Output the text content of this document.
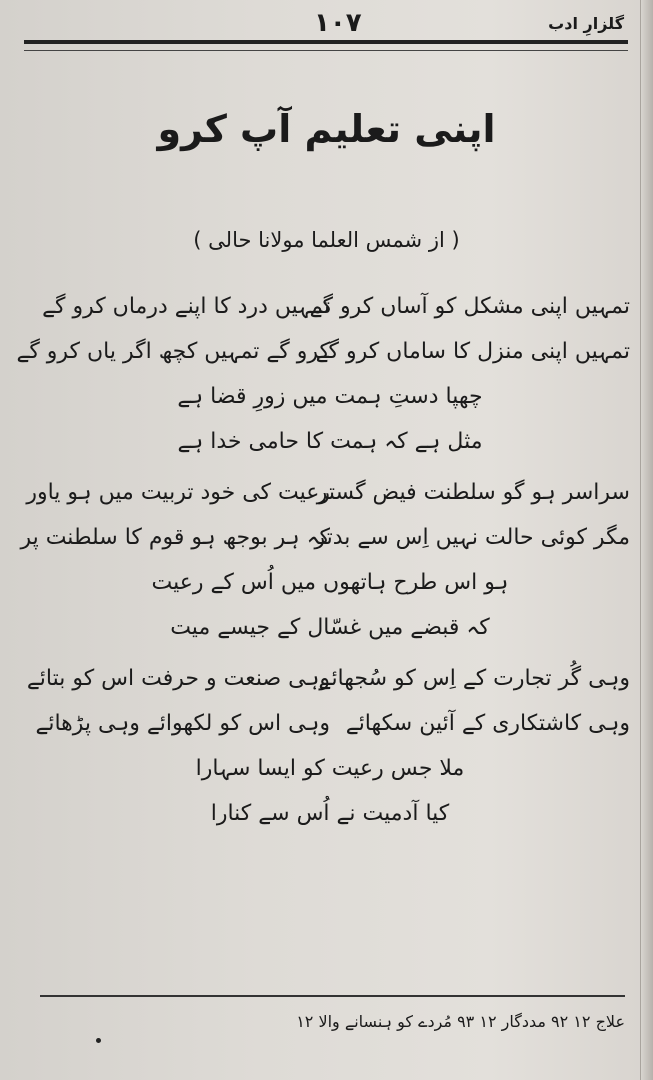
گلزارِ ادب
۱۰۷
اپنی تعلیم آپ کرو
( از شمس العلما مولانا حالی )
تمہیں اپنی مشکل کو آساں کرو گے
تمہیں درد کا اپنے درماں کرو گے
تمہیں اپنی منزل کا ساماں کرو گے
کرو گے تمہیں کچھ اگر یاں کرو گے
چھپا دستِ ہمت میں زورِ قضا ہے
مثل ہے کہ ہمت کا حامی خدا ہے
سراسر ہو گو سلطنت فیض گستر
رعیت کی خود تربیت میں ہو یاور
مگر کوئی حالت نہیں اِس سے بدتر
کہ ہر بوجھ ہو قوم کا سلطنت پر
ہو اس طرح ہاتھوں میں اُس کے رعیت
کہ قبضے میں غسّال کے جیسے میت
وہی گُر تجارت کے اِس کو سُجھائے
وہی صنعت و حرفت اس کو بتائے
وہی کاشتکاری کے آئین سکھائے
وہی اس کو لکھوائے وہی پڑھائے
ملا جس رعیت کو ایسا سہارا
کیا آدمیت نے اُس سے کنارا
علاج ۱۲ ۹۲ مددگار ۱۲ ۹۳ مُردے کو ہنسانے والا ۱۲
